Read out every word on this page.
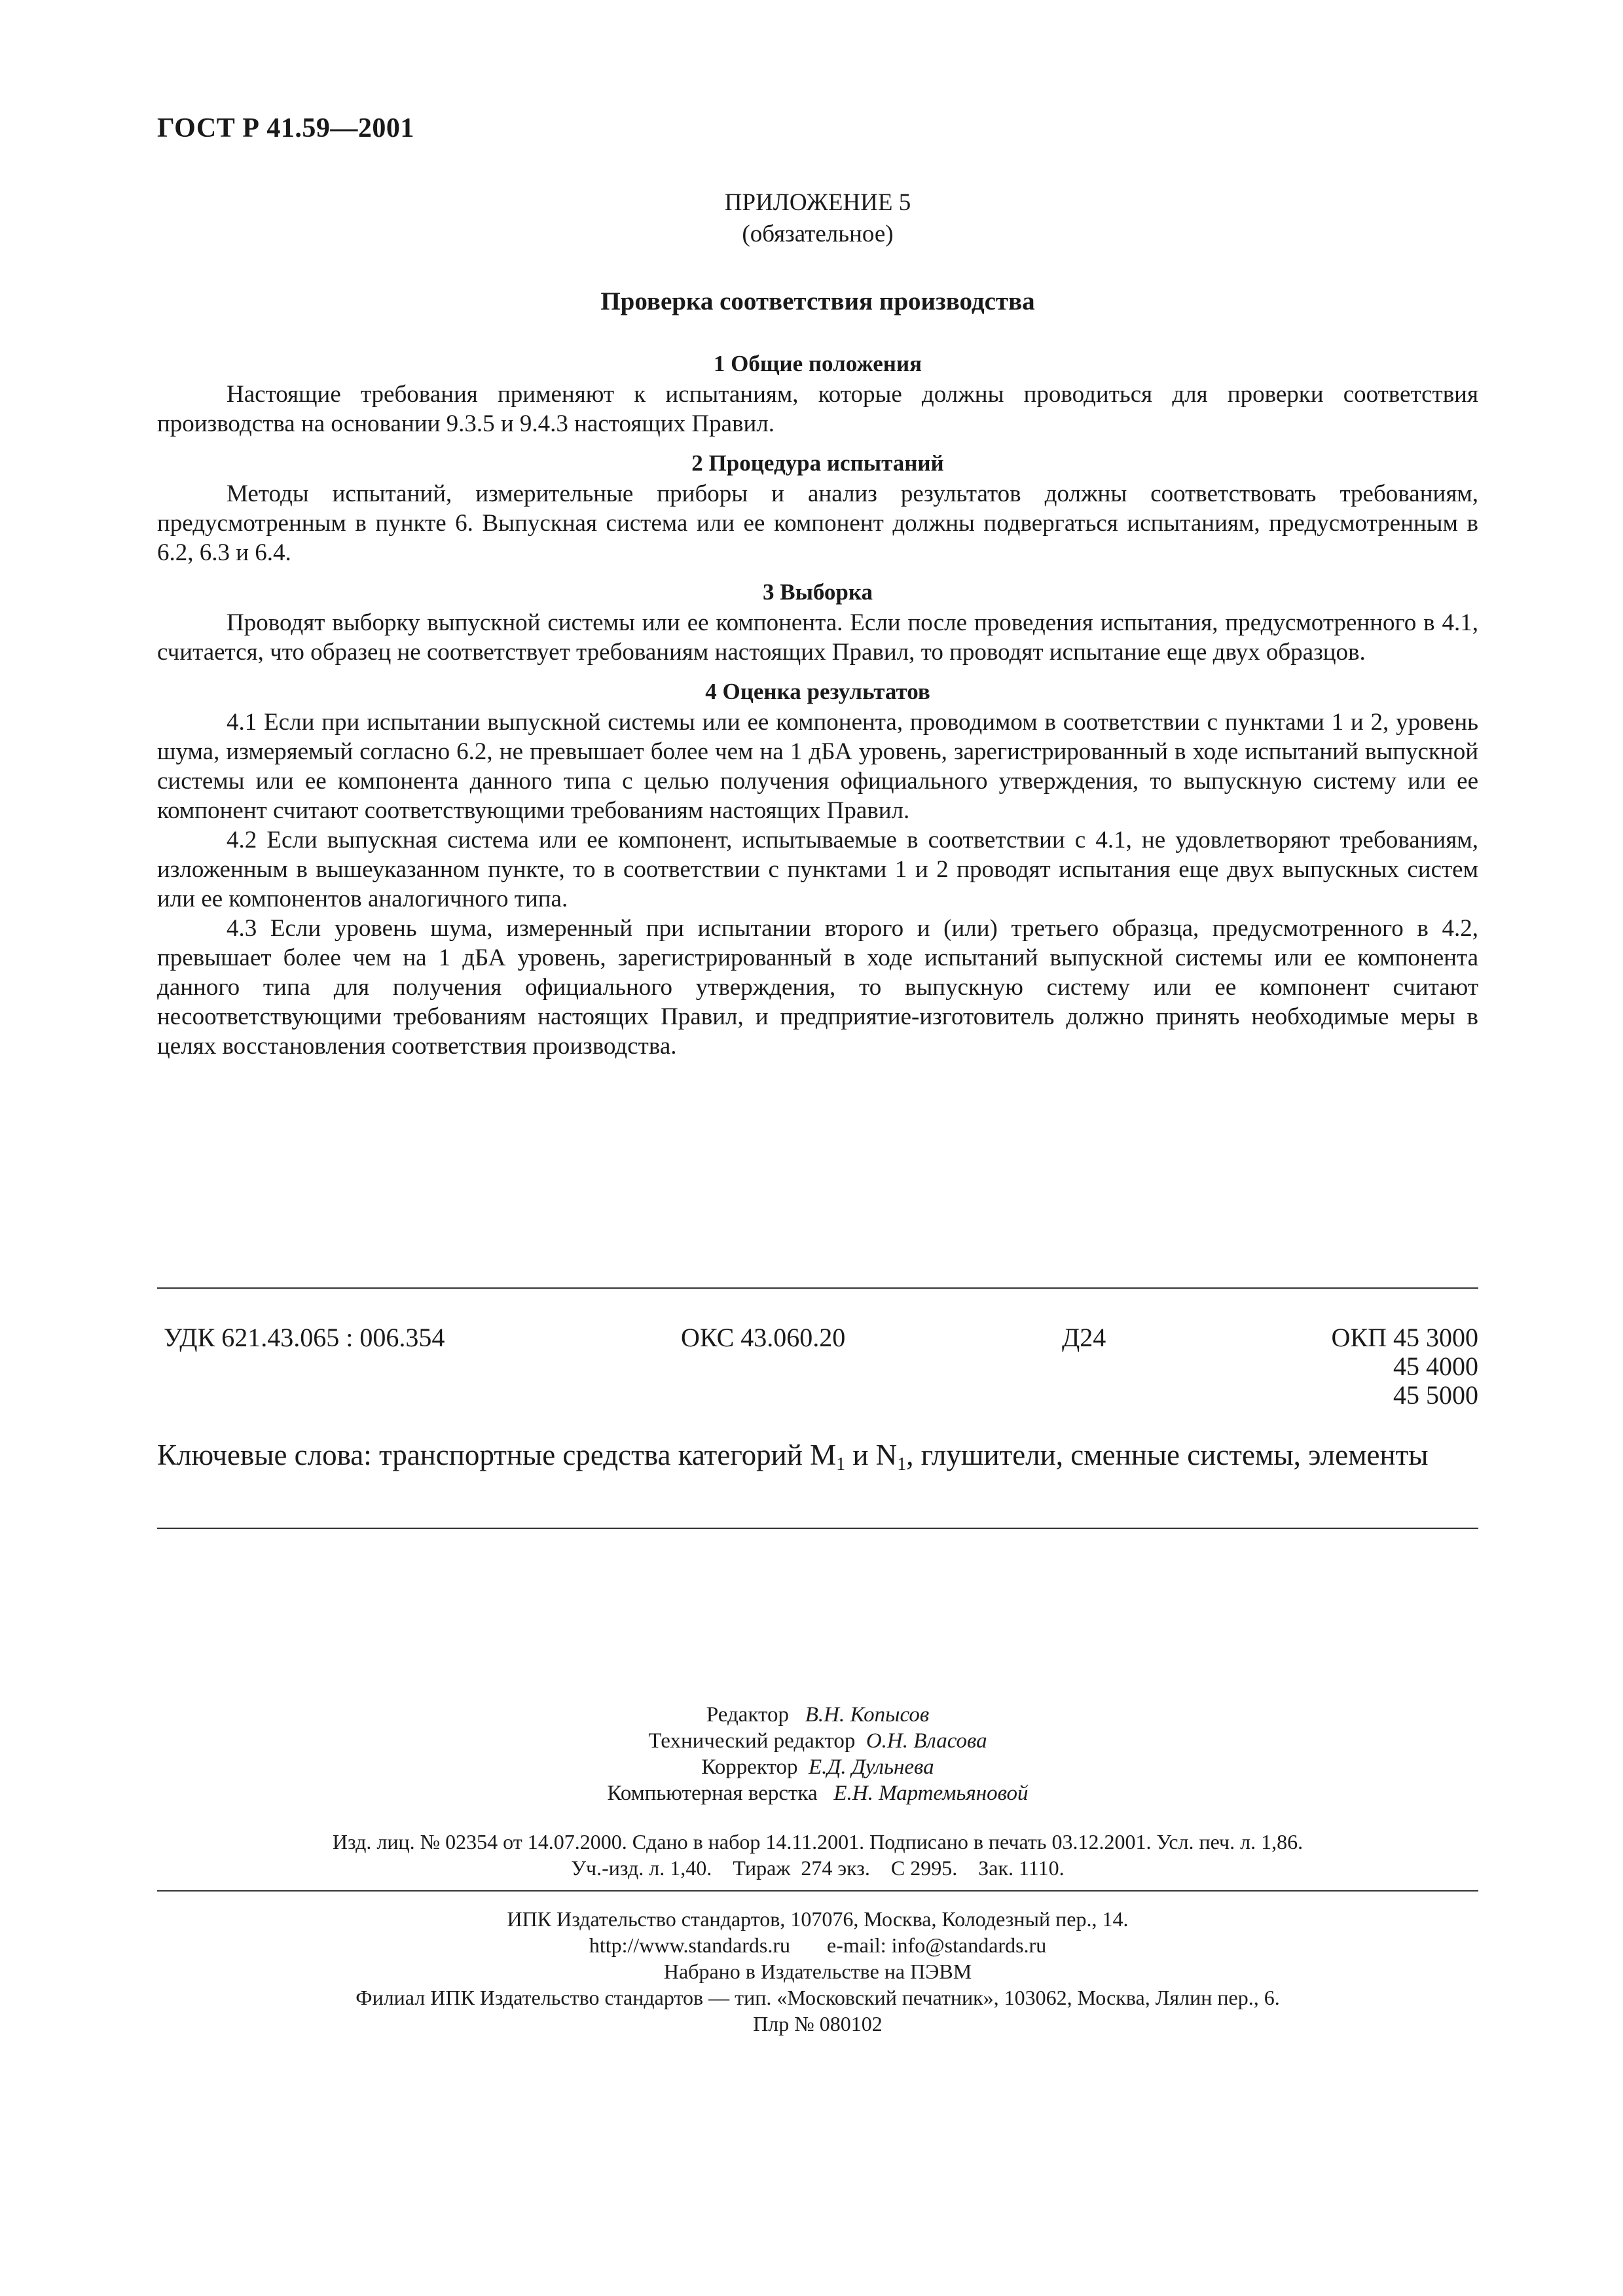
ГОСТ Р 41.59—2001

ПРИЛОЖЕНИЕ 5

(обязательное)

Проверка соответствия производства

1 Общие положения

Настоящие требования применяют к испытаниям, которые должны проводиться для проверки соответствия производства на основании 9.3.5 и 9.4.3 настоящих Правил.

2 Процедура испытаний

Методы испытаний, измерительные приборы и анализ результатов должны соответствовать требованиям, предусмотренным в пункте 6. Выпускная система или ее компонент должны подвергаться испытаниям, предусмотренным в 6.2, 6.3 и 6.4.

3 Выборка

Проводят выборку выпускной системы или ее компонента. Если после проведения испытания, предусмотренного в 4.1, считается, что образец не соответствует требованиям настоящих Правил, то проводят испытание еще двух образцов.

4 Оценка результатов

4.1 Если при испытании выпускной системы или ее компонента, проводимом в соответствии с пунктами 1 и 2, уровень шума, измеряемый согласно 6.2, не превышает более чем на 1 дБА уровень, зарегистрированный в ходе испытаний выпускной системы или ее компонента данного типа с целью получения официального утверждения, то выпускную систему или ее компонент считают соответствующими требованиям настоящих Правил.

4.2 Если выпускная система или ее компонент, испытываемые в соответствии с 4.1, не удовлетворяют требованиям, изложенным в вышеуказанном пункте, то в соответствии с пунктами 1 и 2 проводят испытания еще двух выпускных систем или ее компонентов аналогичного типа.

4.3 Если уровень шума, измеренный при испытании второго и (или) третьего образца, предусмотренного в 4.2, превышает более чем на 1 дБА уровень, зарегистрированный в ходе испытаний выпускной системы или ее компонента данного типа для получения официального утверждения, то выпускную систему или ее компонент считают несоответствующими требованиям настоящих Правил, и предприятие-изготовитель должно принять необходимые меры в целях восстановления соответствия производства.

УДК 621.43.065 : 006.354	ОКС 43.060.20	Д24	ОКП 45 3000
45 4000
45 5000
Ключевые слова: транспортные средства категорий $М_1$ и $N_1$, глушители, сменные системы, элементы
Редактор В.Н. Копысов
Технический редактор О.Н. Власова
Корректор Е.Д. Дульнева
Компьютерная верстка Е.Н. Мартемьяновой
Изд. лиц. № 02354 от 14.07.2000. Сдано в набор 14.11.2001. Подписано в печать 03.12.2001. Усл. печ. л. 1,86.
Уч.-изд. л. 1,40.    Тираж  274 экз.    С 2995.    Зак. 1110.
ИПК Издательство стандартов, 107076, Москва, Колодезный пер., 14.
http://www.standards.ru e-mail: info@standards.ru
Набрано в Издательстве на ПЭВМ
Филиал ИПК Издательство стандартов — тип. «Московский печатник», 103062, Москва, Лялин пер., 6.
Плр № 080102
